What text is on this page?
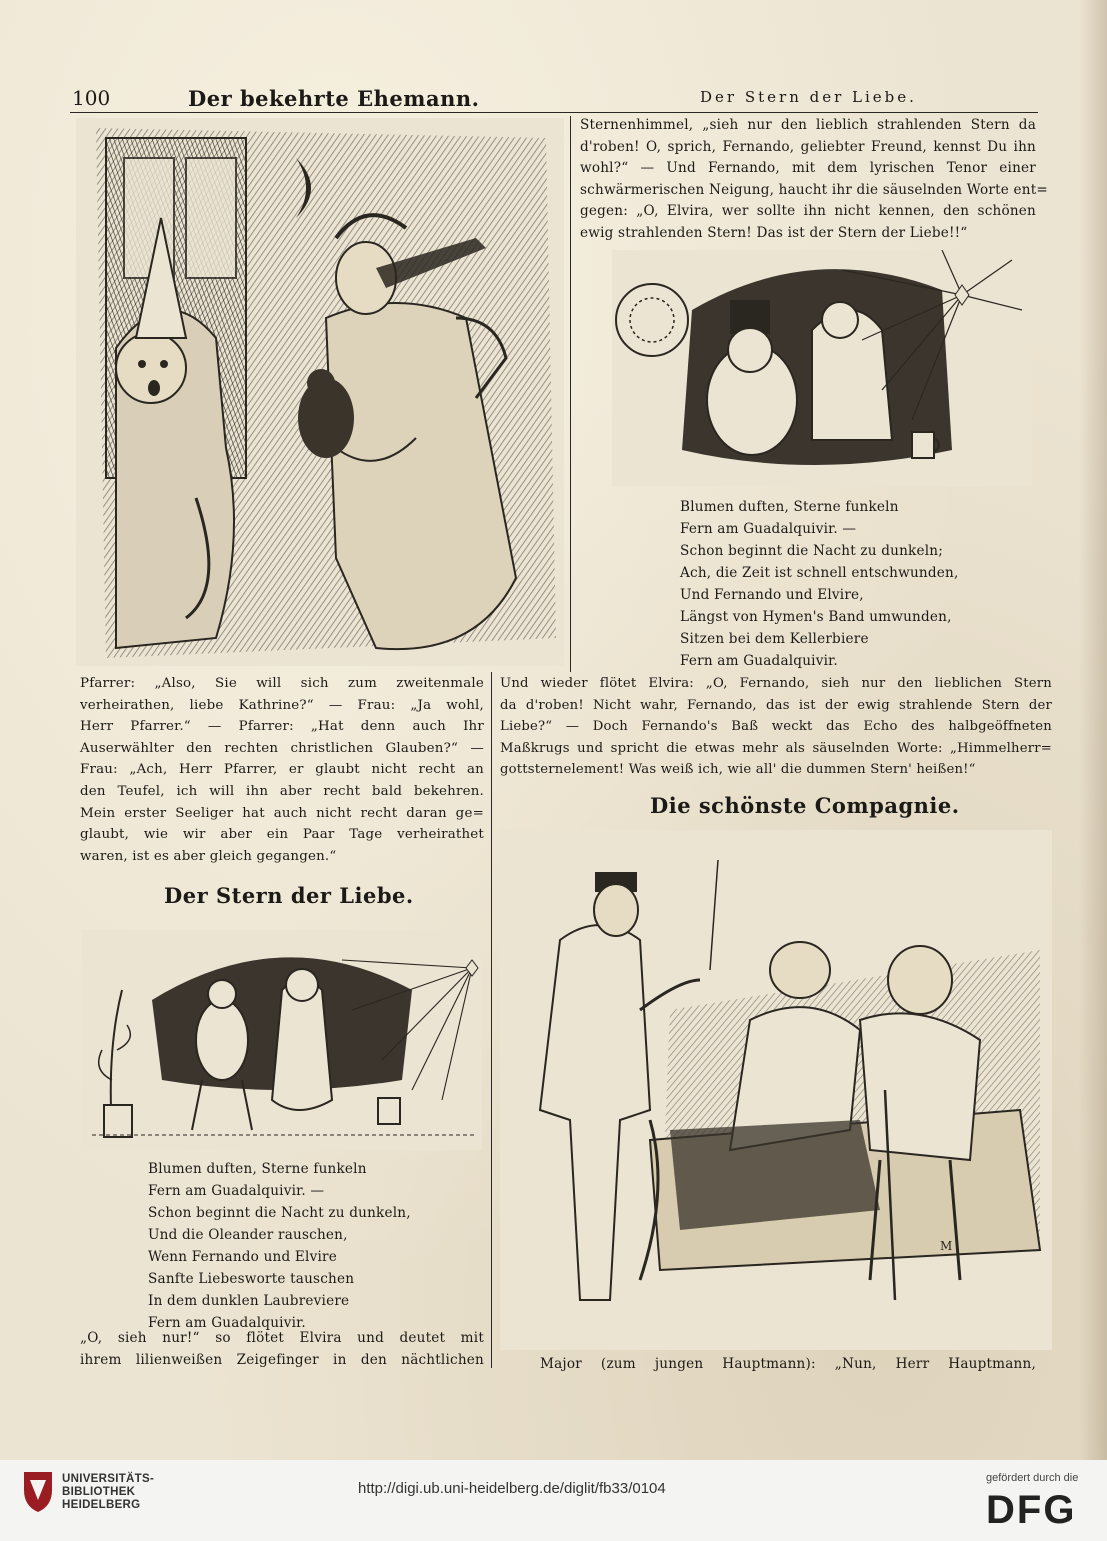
100	Der bekehrte Ehemann.	Der Stern der Liebe.
Sternenhimmel, „sieh nur den lieblich strahlenden Stern da
d'roben! O, sprich, Fernando, geliebter Freund, kennst Du ihn
wohl?“ — Und Fernando, mit dem lyrischen Tenor einer
schwärmerischen Neigung, haucht ihr die säuselnden Worte ent=
gegen: „O, Elvira, wer sollte ihn nicht kennen, den schönen
ewig strahlenden Stern! Das ist der Stern der Liebe!!“
Blumen duften, Sterne funkeln
Fern am Guadalquivir. —
Schon beginnt die Nacht zu dunkeln;
Ach, die Zeit ist schnell entschwunden,
Und Fernando und Elvire,
Längst von Hymen's Band umwunden,
Sitzen bei dem Kellerbiere
Fern am Guadalquivir.
Pfarrer: „Also, Sie will sich zum zweitenmale
verheirathen, liebe Kathrine?“ — Frau: „Ja wohl,
Herr Pfarrer.“ — Pfarrer: „Hat denn auch Ihr
Auserwählter den rechten christlichen Glauben?“ —
Frau: „Ach, Herr Pfarrer, er glaubt nicht recht an
den Teufel, ich will ihn aber recht bald bekehren.
Mein erster Seeliger hat auch nicht recht daran ge=
glaubt, wie wir aber ein Paar Tage verheirathet
waren, ist es aber gleich gegangen.“
Und wieder flötet Elvira: „O, Fernando, sieh nur den lieblichen Stern
da d'roben! Nicht wahr, Fernando, das ist der ewig strahlende Stern der
Liebe?“ — Doch Fernando's Baß weckt das Echo des halbgeöffneten
Maßkrugs und spricht die etwas mehr als säuselnden Worte: „Himmelherr=
gottsternelement! Was weiß ich, wie all' die dummen Stern' heißen!“
Der Stern der Liebe.
Die schönste Compagnie.
Blumen duften, Sterne funkeln
Fern am Guadalquivir. —
Schon beginnt die Nacht zu dunkeln,
Und die Oleander rauschen,
Wenn Fernando und Elvire
Sanfte Liebesworte tauschen
In dem dunklen Laubreviere
Fern am Guadalquivir.
„O, sieh nur!“ so flötet Elvira und deutet mit
ihrem lilienweißen Zeigefinger in den nächtlichen
M
Major (zum jungen Hauptmann): „Nun, Herr Hauptmann,
UNIVERSITÄTS-
BIBLIOTHEK
HEIDELBERG
http://digi.ub.uni-heidelberg.de/diglit/fb33/0104
gefördert durch die
DFG
